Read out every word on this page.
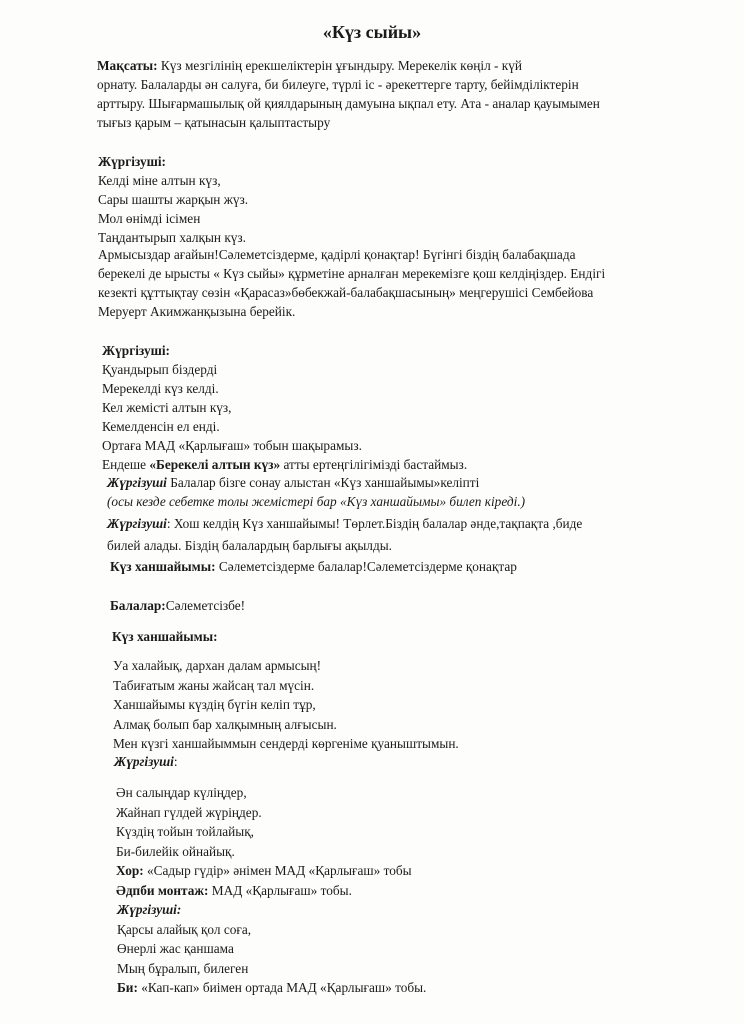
«Күз сыйы»
Мақсаты: Күз мезгілінің ерекшеліктерін ұғындыру. Мерекелік көңіл - күй
орнату. Балаларды ән салуға, би билеуге, түрлі іс - әрекеттерге тарту, бейімділіктерін
арттыру. Шығармашылық ой қиялдарының дамуына ықпал ету. Ата - аналар қауымымен
тығыз қарым – қатынасын қалыптастыру
Жүргізуші:
Келді міне алтын күз,
Сары шашты жарқын жүз.
Мол өнімді ісімен
Таңдантырып халқын күз.
Армысыздар ағайын!Сәлеметсіздерме, қадірлі қонақтар! Бүгінгі біздің балабақшада
берекелі де ырысты « Күз сыйы» құрметіне арналған мерекемізге қош келдіңіздер. Ендігі
кезекті құттықтау сөзін «Қарасаз»бөбекжай-балабақшасының» меңгерушісі Сембейова
Меруерт Акимжанқызына берейік.
Жүргізуші:
Қуандырып біздерді
Мерекелді күз келді.
Кел жемісті алтын күз,
Кемелденсін ел енді.
Ортаға МАД «Қарлығаш» тобын шақырамыз.
Ендеше «Берекелі алтын күз» атты ертеңгілігімізді бастаймыз.
Жүргізуші Балалар бізге сонау алыстан «Күз ханшайымы»келіпті
(осы кезде себетке толы жемістері бар «Күз ханшайымы» билеп кіреді.)
Жүргізуші: Хош келдің Күз ханшайымы! Төрлет.Біздің балалар әнде,тақпақта ,биде
билей алады. Біздің балалардың барлығы ақылды.
Күз ханшайымы: Сәлеметсіздерме балалар!Сәлеметсіздерме қонақтар
Балалар:Сәлеметсізбе!
Күз ханшайымы:
Уа халайық, дархан далам армысың!
Табиғатым жаны жайсаң тал мүсін.
Ханшайымы күздің бүгін келіп тұр,
Алмақ болып бар халқымның алғысын.
Мен күзгі ханшайыммын сендерді көргеніме қуаныштымын.
Жүргізуші:
Ән салыңдар күліңдер,
Жайнап гүлдей жүріңдер.
Күздің тойын тойлайық,
Би-билейік ойнайық.
Хор: «Садыр гүдір» әнімен МАД «Қарлығаш» тобы
Әдпби монтаж: МАД «Қарлығаш» тобы.
Жүргізуші:
Қарсы алайық қол соға,
Өнерлі жас қаншама
Мың бұралып, билеген
Би: «Кап-кап» биімен ортада МАД «Қарлығаш» тобы.
